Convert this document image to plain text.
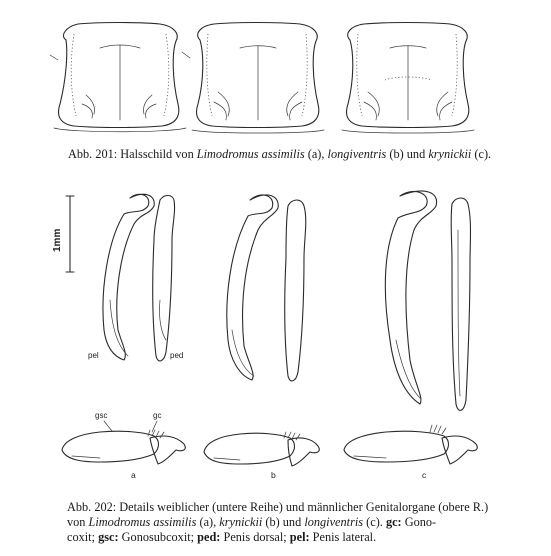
1mm
pel	ped
gsc	gc
a	b	c
Abb. 201: Halsschild von Limodromus assimilis (a), longiventris (b) und krynickii (c).
Abb. 202: Details weiblicher (untere Reihe) und männlicher Genitalorgane (obere R.)
von Limodromus assimilis (a), krynickii (b) und longiventris (c). gc: Gono-
coxit; gsc: Gonosubcoxit; ped: Penis dorsal; pel: Penis lateral.
